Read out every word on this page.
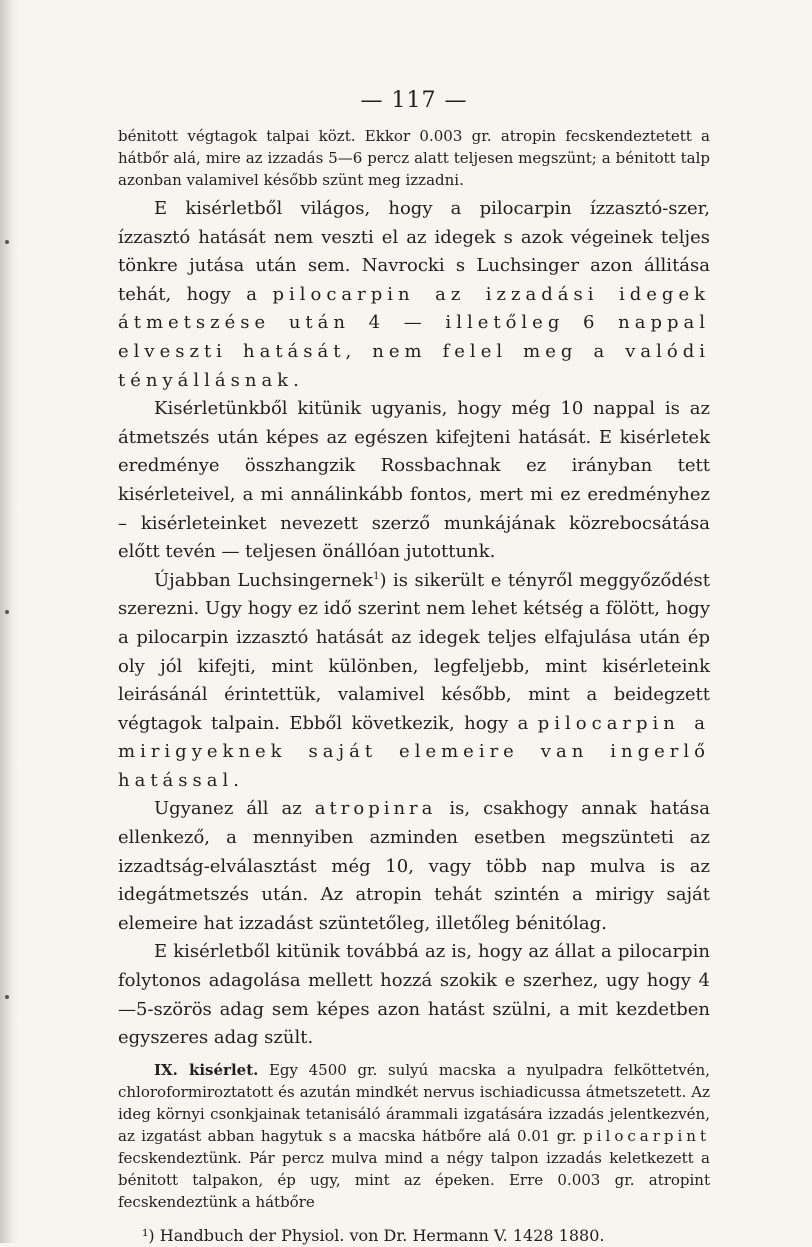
— 117 —

bénitott végtagok talpai közt. Ekkor 0.003 gr. atropin fecskendeztetett a hátbőr alá, mire az izzadás 5—6 percz alatt teljesen megszünt; a bénitott talp azonban valamivel később szünt meg izzadni.

E kisérletből világos, hogy a pilocarpin ízzasztó-szer, ízzasztó hatását nem veszti el az idegek s azok végeinek teljes tönkre jutása után sem. Navrocki s Luchsinger azon állitása tehát, hogy a pilocarpin az izzadási idegek átmetszése után 4 — illetőleg 6 nappal elveszti hatását, nem felel meg a valódi tényállásnak.

Kisérletünkből kitünik ugyanis, hogy még 10 nappal is az átmetszés után képes az egészen kifejteni hatását. E kisérletek eredménye összhangzik Rossbachnak ez irányban tett kisérleteivel, a mi annálinkább fontos, mert mi ez eredményhez – kisérleteinket nevezett szerző munkájának közrebocsátása előtt tevén — teljesen önállóan jutottunk.

Újabban Luchsingernek$^1$) is sikerült e tényről meggyőződést szerezni. Ugy hogy ez idő szerint nem lehet kétség a fölött, hogy a pilocarpin izzasztó hatását az idegek teljes elfajulása után ép oly jól kifejti, mint különben, legfeljebb, mint kisérleteink leirásánál érintettük, valamivel később, mint a beidegzett végtagok talpain. Ebből következik, hogy a pilocarpin a mirigyeknek saját elemeire van ingerlő hatással.

Ugyanez áll az atropinra is, csakhogy annak hatása ellenkező, a mennyiben azminden esetben megszünteti az izzadtság-elválasztást még 10, vagy több nap mulva is az idegátmetszés után. Az atropin tehát szintén a mirigy saját elemeire hat izzadást szüntetőleg, illetőleg bénitólag.

E kisérletből kitünik továbbá az is, hogy az állat a pilocarpin folytonos adagolása mellett hozzá szokik e szerhez, ugy hogy 4—5-szörös adag sem képes azon hatást szülni, a mit kezdetben egyszeres adag szült.

IX. kisérlet. Egy 4500 gr. sulyú macska a nyulpadra felköttetvén, chloroformiroztatott és azután mindkét nervus ischiadicussa átmetszetett. Az ideg környi csonkjainak tetanisáló árammali izgatására izzadás jelentkezvén, az izgatást abban hagytuk s a macska hátbőre alá 0.01 gr. pilocarpint fecskendeztünk. Pár percz mulva mind a négy talpon izzadás keletkezett a bénitott talpakon, ép ugy, mint az épeken. Erre 0.003 gr. atropint fecskendeztünk a hátbőre

¹) Handbuch der Physiol. von Dr. Hermann V. 1428 1880.
